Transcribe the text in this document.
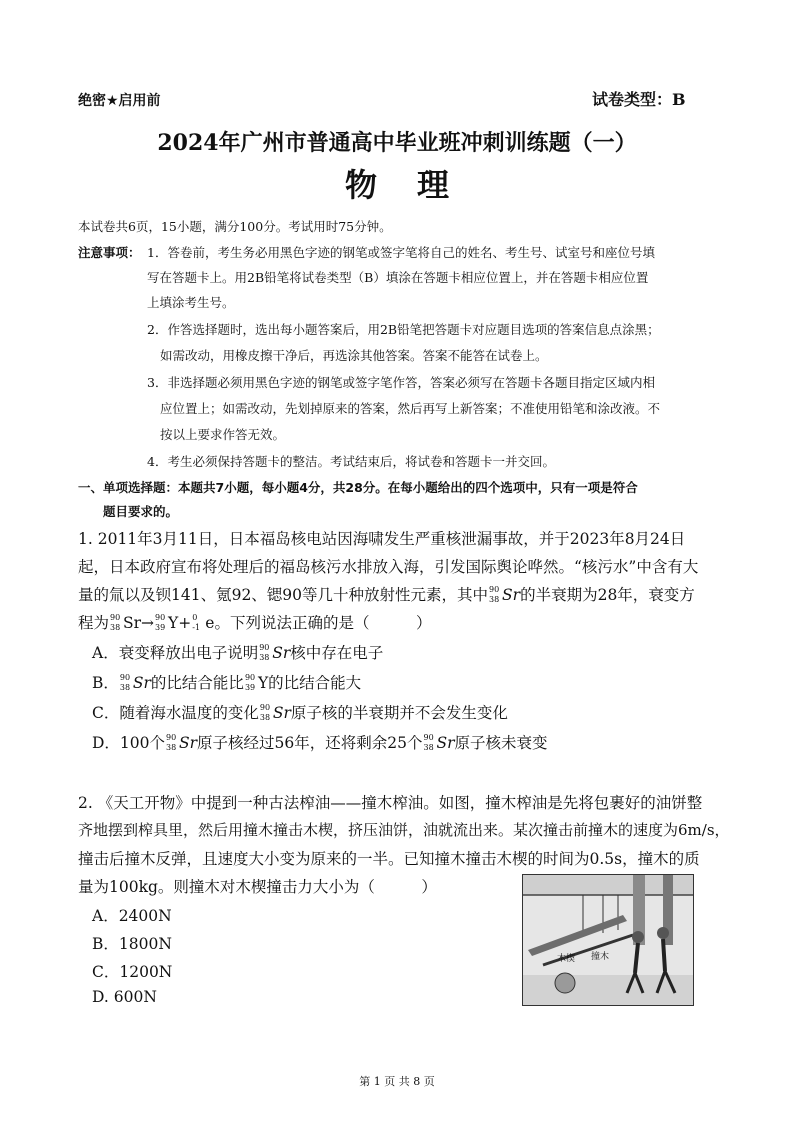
绝密★启用前	试卷类型：B
2024年广州市普通高中毕业班冲刺训练题（一）
物理
本试卷共6页，15小题，满分100分。考试用时75分钟。
注意事项： 1．答卷前，考生务必用黑色字迹的钢笔或签字笔将自己的姓名、考生号、试室号和座位号填
写在答题卡上。用2B铅笔将试卷类型（B）填涂在答题卡相应位置上，并在答题卡相应位置
上填涂考生号。
2．作答选择题时，选出每小题答案后，用2B铅笔把答题卡对应题目选项的答案信息点涂黑；
如需改动，用橡皮擦干净后，再选涂其他答案。答案不能答在试卷上。
3．非选择题必须用黑色字迹的钢笔或签字笔作答，答案必须写在答题卡各题目指定区域内相
应位置上；如需改动，先划掉原来的答案，然后再写上新答案；不准使用铅笔和涂改液。不
按以上要求作答无效。
4．考生必须保持答题卡的整洁。考试结束后，将试卷和答题卡一并交回。
一、单项选择题：本题共7小题，每小题4分，共28分。在每小题给出的四个选项中，只有一项是符合
题目要求的。
1. 2011年3月11日，日本福岛核电站因海啸发生严重核泄漏事故，并于2023年8月24日
起，日本政府宣布将处理后的福岛核污水排放入海，引发国际舆论哗然。“核污水”中含有大
量的氚以及钡141、氪92、锶90等几十种放射性元素，其中 90
38 Sr的半衰期为28年，衰变方
程为 90
38 Sr→ 90
39 Y+ 0
-1 e。下列说法正确的是（　　　）
A．衰变释放出电子说明 90
38 Sr核中存在电子
B． 90
38 Sr的比结合能比 90
39 Y的比结合能大
C．随着海水温度的变化 90
38 Sr原子核的半衰期并不会发生变化
D．100个 90
38 Sr原子核经过56年，还将剩余25个 90
38 Sr原子核未衰变
2. 《天工开物》中提到一种古法榨油——撞木榨油。如图，撞木榨油是先将包裹好的油饼整
齐地摆到榨具里，然后用撞木撞击木楔，挤压油饼，油就流出来。某次撞击前撞木的速度为6m/s，
撞击后撞木反弹，且速度大小变为原来的一半。已知撞木撞击木楔的时间为0.5s，撞木的质
量为100kg。则撞木对木楔撞击力大小为（　　　）
A．2400N
B．1800N
C．1200N
D. 600N
木楔 撞木
第 1 页 共 8 页
